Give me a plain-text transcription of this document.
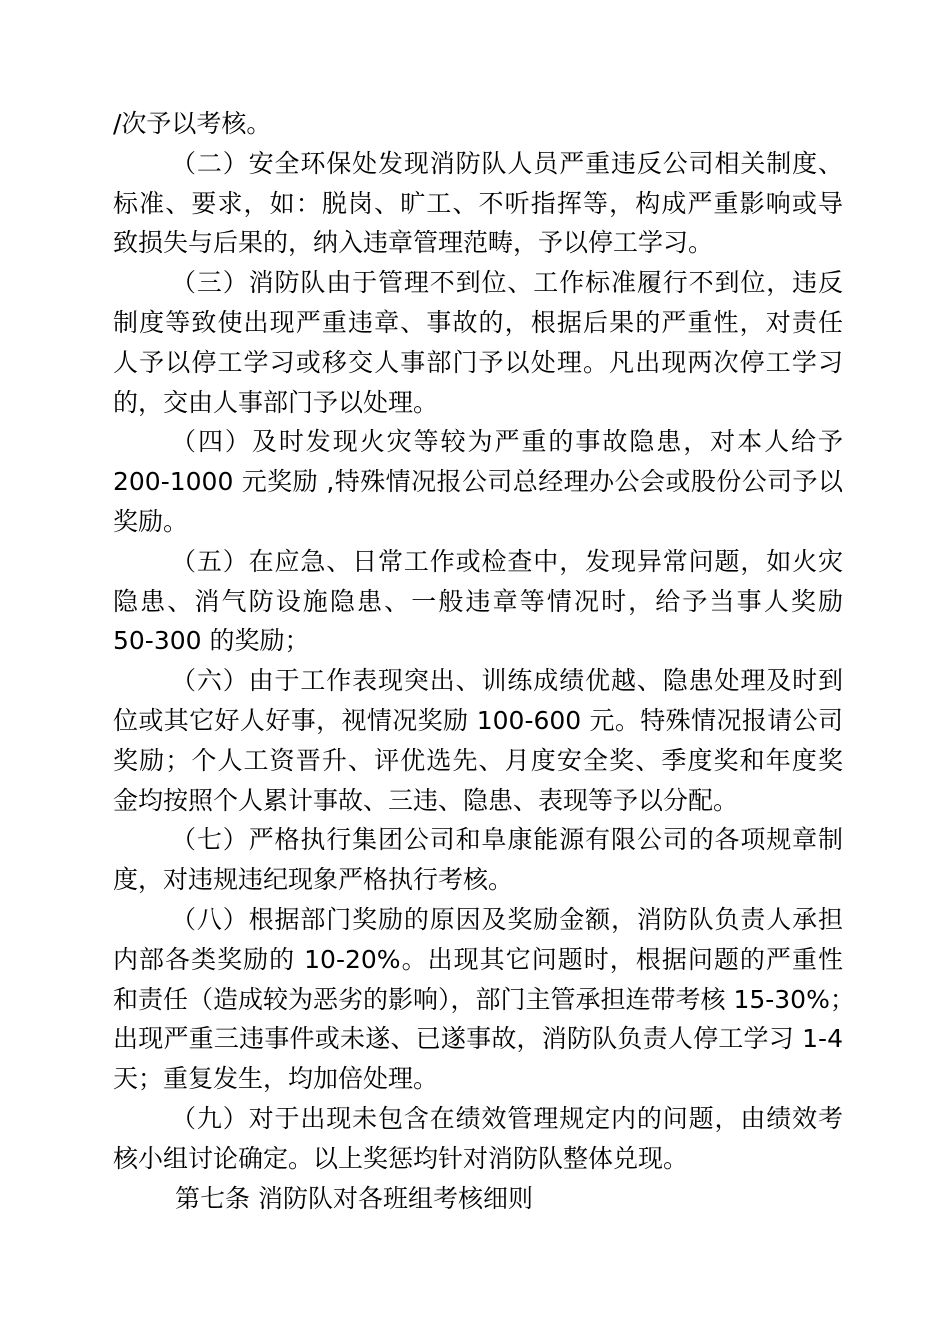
/次予以考核。
（二）安全环保处发现消防队人员严重违反公司相关制度、
标准、要求，如：脱岗、旷工、不听指挥等，构成严重影响或导
致损失与后果的，纳入违章管理范畴，予以停工学习。
（三）消防队由于管理不到位、工作标准履行不到位，违反
制度等致使出现严重违章、事故的，根据后果的严重性，对责任
人予以停工学习或移交人事部门予以处理。凡出现两次停工学习
的，交由人事部门予以处理。
（四）及时发现火灾等较为严重的事故隐患，对本人给予
200-1000 元奖励 ,特殊情况报公司总经理办公会或股份公司予以
奖励。
（五）在应急、日常工作或检查中，发现异常问题，如火灾
隐患、消气防设施隐患、一般违章等情况时，给予当事人奖励
50-300 的奖励；
（六）由于工作表现突出、训练成绩优越、隐患处理及时到
位或其它好人好事，视情况奖励 100-600 元。特殊情况报请公司
奖励；个人工资晋升、评优选先、月度安全奖、季度奖和年度奖
金均按照个人累计事故、三违、隐患、表现等予以分配。
（七）严格执行集团公司和阜康能源有限公司的各项规章制
度，对违规违纪现象严格执行考核。
（八）根据部门奖励的原因及奖励金额，消防队负责人承担
内部各类奖励的 10-20%。出现其它问题时，根据问题的严重性
和责任（造成较为恶劣的影响），部门主管承担连带考核 15-30%；
出现严重三违事件或未遂、已遂事故，消防队负责人停工学习 1-4
天；重复发生，均加倍处理。
（九）对于出现未包含在绩效管理规定内的问题，由绩效考
核小组讨论确定。以上奖惩均针对消防队整体兑现。
第七条 消防队对各班组考核细则
